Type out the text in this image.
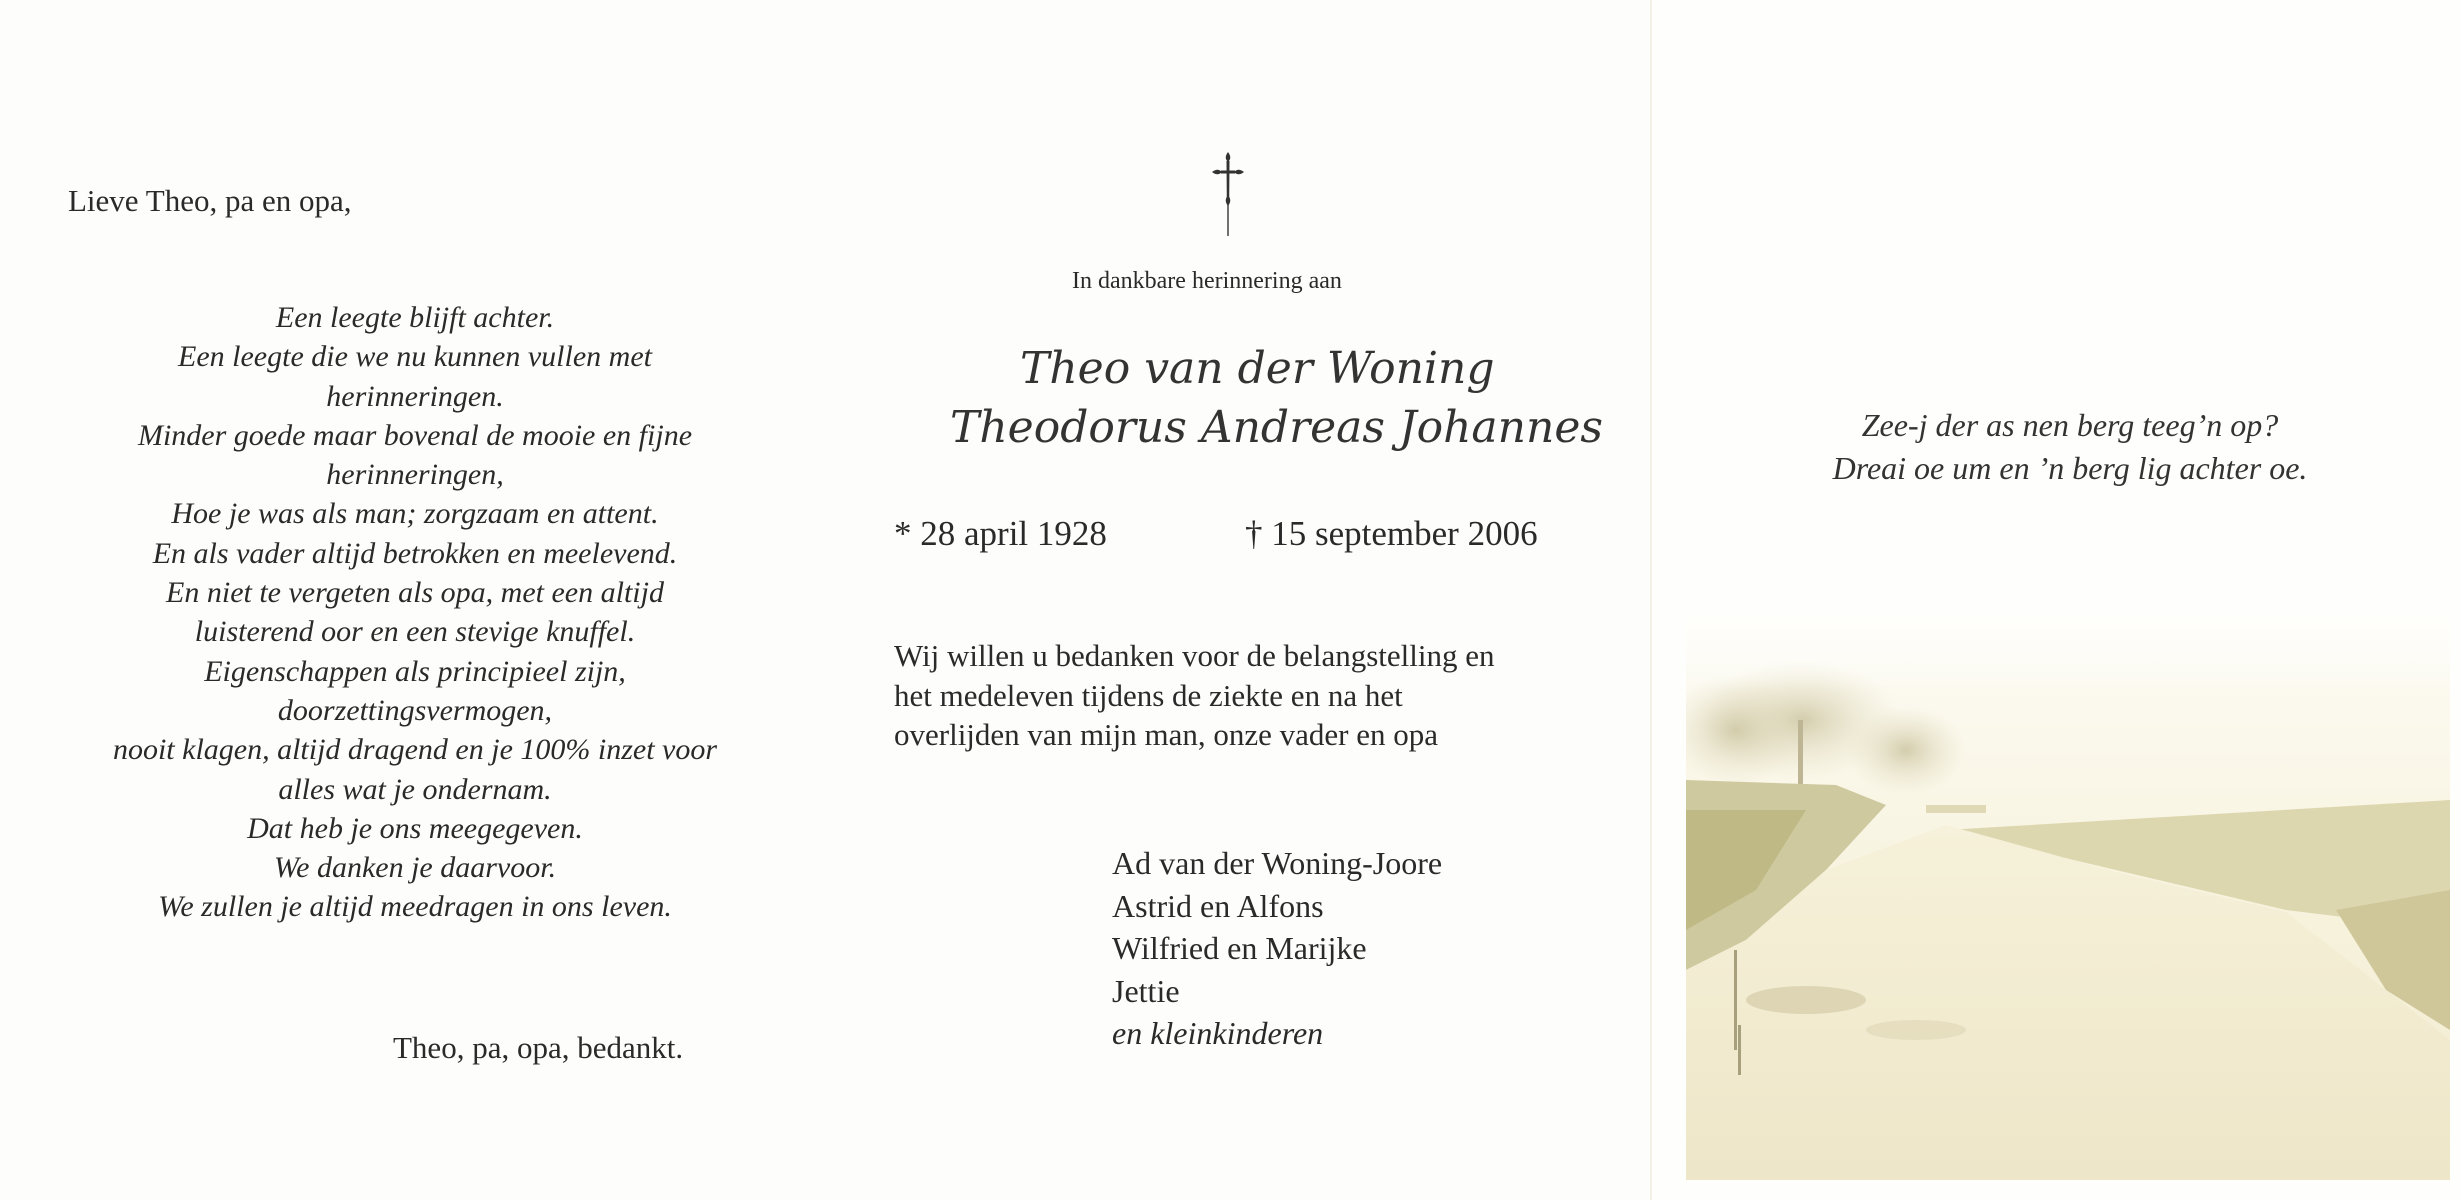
Lieve Theo, pa en opa,
Een leegte blijft achter.
Een leegte die we nu kunnen vullen met
herinneringen.
Minder goede maar bovenal de mooie en fijne
herinneringen,
Hoe je was als man; zorgzaam en attent.
En als vader altijd betrokken en meelevend.
En niet te vergeten als opa, met een altijd
luisterend oor en een stevige knuffel.
Eigenschappen als principieel zijn,
doorzettingsvermogen,
nooit klagen, altijd dragend en je 100% inzet voor
alles wat je ondernam.
Dat heb je ons meegegeven.
We danken je daarvoor.
We zullen je altijd meedragen in ons leven.
Theo, pa, opa, bedankt.
In dankbare herinnering aan
Theo van der Woning
Theodorus Andreas Johannes
* 28 april 1928	† 15 september 2006
Wij willen u bedanken voor de belangstelling en
het medeleven tijdens de ziekte en na het
overlijden van mijn man, onze vader en opa
Ad van der Woning-Joore
Astrid en Alfons
Wilfried en Marijke
Jettie
en kleinkinderen
Zee-j der as nen berg teeg’n op?
Dreai oe um en ’n berg lig achter oe.
